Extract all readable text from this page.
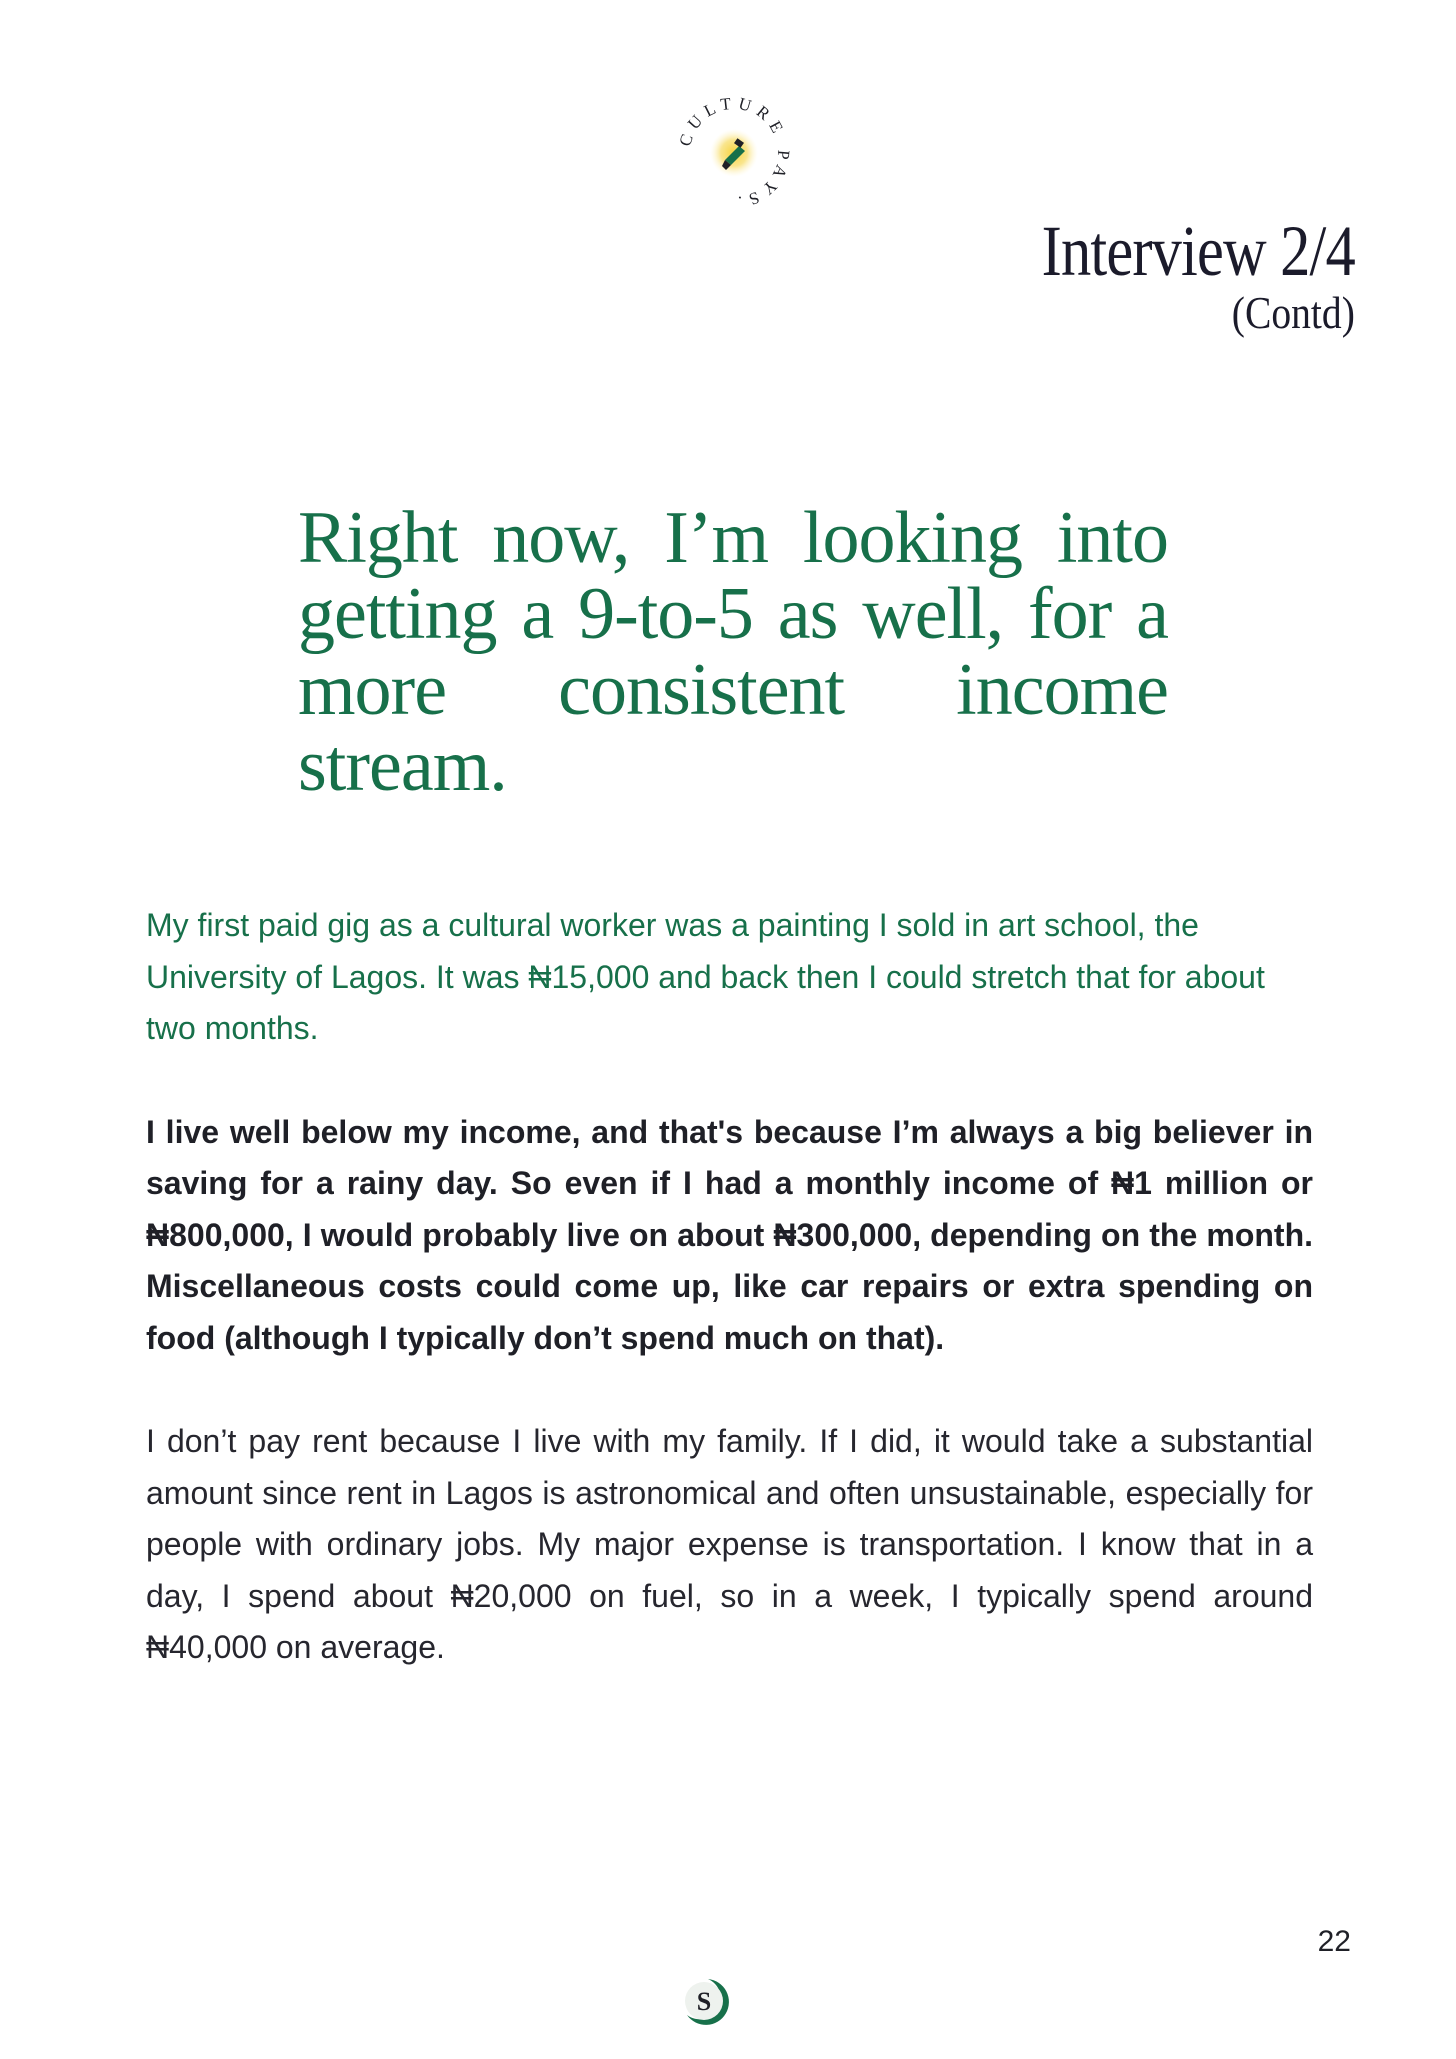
CULTURE PAYS.
Interview 2/4
(Contd)
Right now, I’m looking into getting a 9-to-5 as well, for a more consistent income stream.

My first paid gig as a cultural worker was a painting I sold in art school, the University of Lagos. It was ₦15,000 and back then I could stretch that for about two months.

I live well below my income, and that's because I’m always a big believer in saving for a rainy day. So even if I had a monthly income of ₦1 million or ₦800,000, I would probably live on about ₦300,000, depending on the month. Miscellaneous costs could come up, like car repairs or extra spending on food (although I typically don’t spend much on that).

I don’t pay rent because I live with my family. If I did, it would take a substantial amount since rent in Lagos is astronomical and often unsustainable, especially for people with ordinary jobs. My major expense is transportation. I know that in a day, I spend about ₦20,000 on fuel, so in a week, I typically spend around ₦40,000 on average.

22
S
